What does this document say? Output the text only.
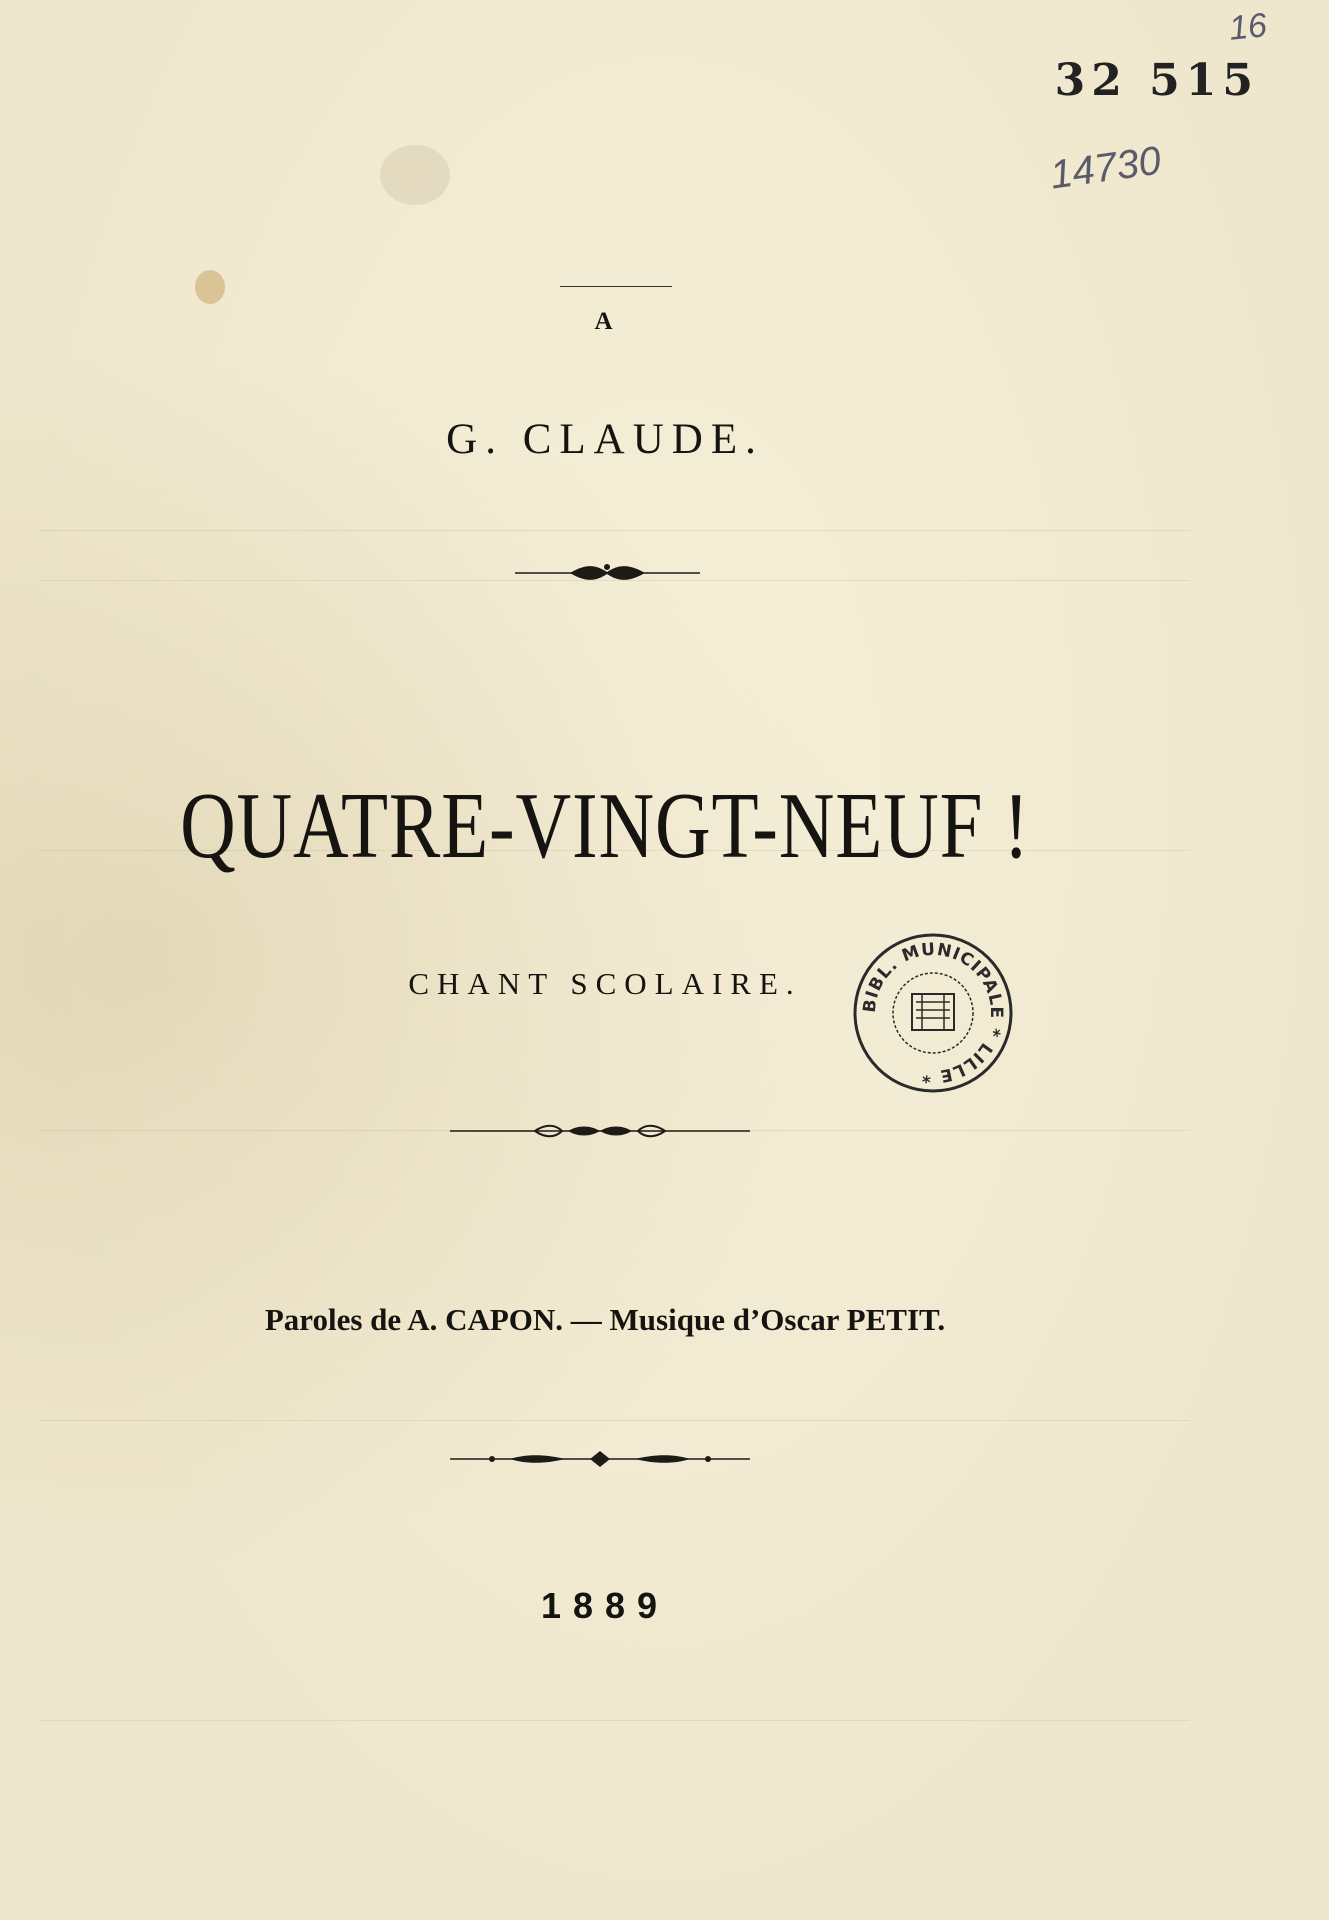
16
32 515
14730
A
G. CLAUDE.
QUATRE-VINGT-NEUF !
CHANT SCOLAIRE.
BIBL. MUNICIPALE * LILLE *
Paroles de A. CAPON. — Musique d’Oscar PETIT.
1889
